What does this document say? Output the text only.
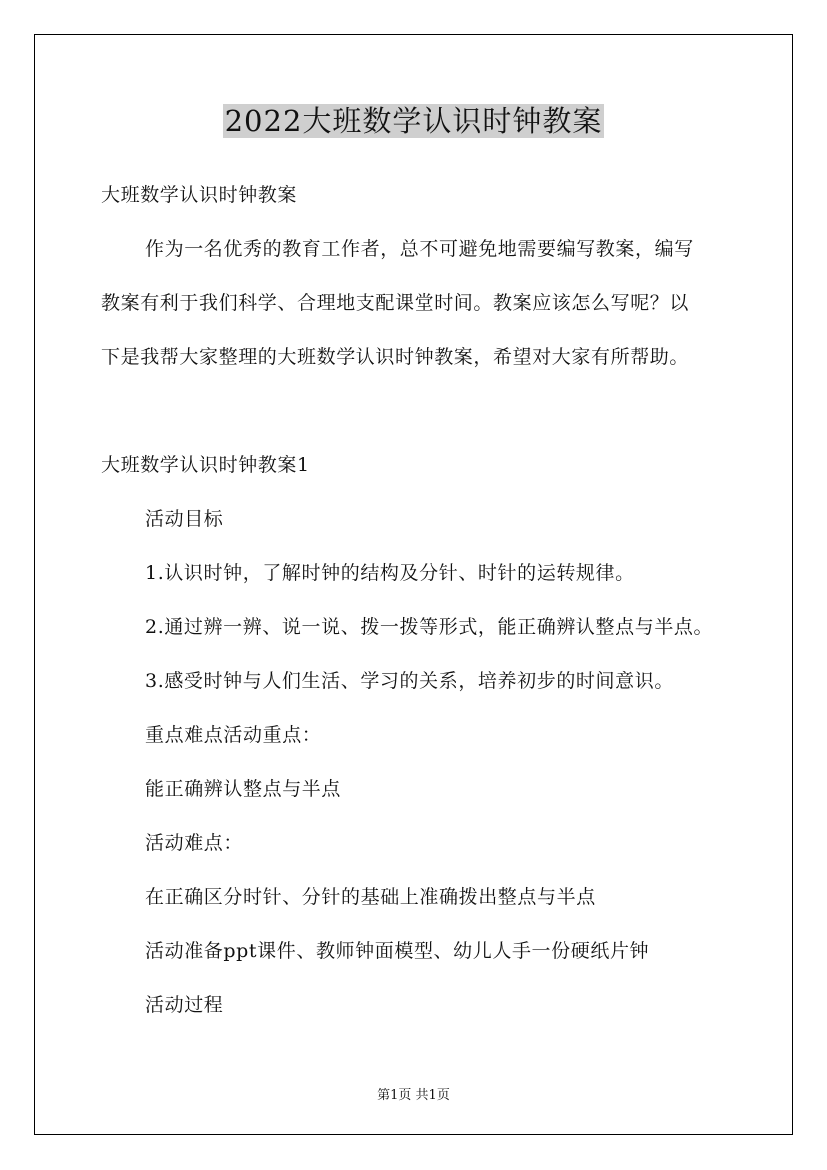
2022大班数学认识时钟教案
大班数学认识时钟教案
作为一名优秀的教育工作者，总不可避免地需要编写教案，编写
教案有利于我们科学、合理地支配课堂时间。教案应该怎么写呢？以
下是我帮大家整理的大班数学认识时钟教案，希望对大家有所帮助。
大班数学认识时钟教案1
活动目标
1.认识时钟，了解时钟的结构及分针、时针的运转规律。
2.通过辨一辨、说一说、拨一拨等形式，能正确辨认整点与半点。
3.感受时钟与人们生活、学习的关系，培养初步的时间意识。
重点难点活动重点：
能正确辨认整点与半点
活动难点：
在正确区分时针、分针的基础上准确拨出整点与半点
活动准备ppt课件、教师钟面模型、幼儿人手一份硬纸片钟
活动过程
第1页 共1页
